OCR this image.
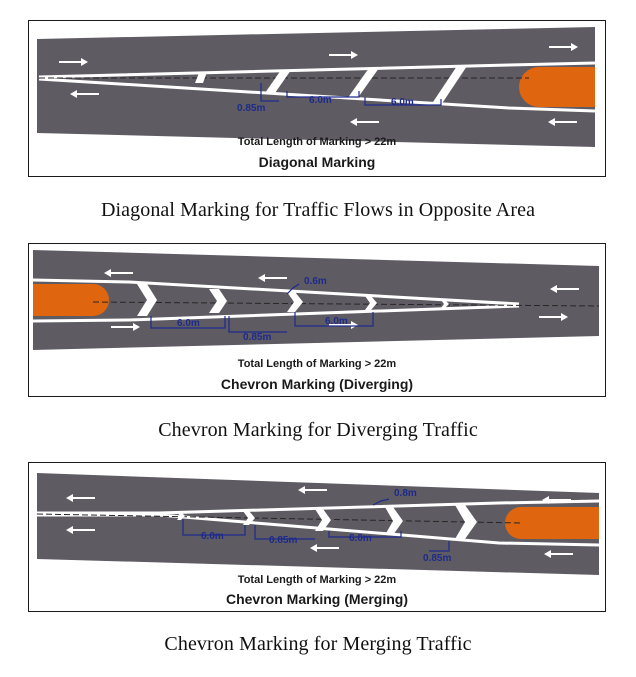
0.85m
6.0m	6.0m
Total Length of Marking > 22m
Diagonal Marking
Diagonal Marking for Traffic Flows in Opposite Area
0.6m
6.0m
0.85m
6.0m
Total Length of Marking > 22m
Chevron Marking (Diverging)
Chevron Marking for Diverging Traffic
0.8m
6.0m	0.85m	6.0m
0.85m
Total Length of Marking > 22m
Chevron Marking (Merging)
Chevron Marking for Merging Traffic
